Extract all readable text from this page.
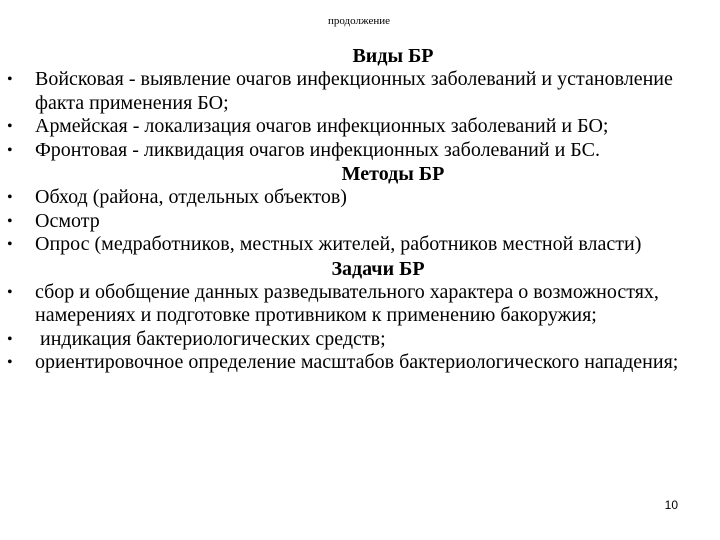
продолжение
Виды БР
• Войсковая - выявление очагов инфекционных заболеваний и установление факта применения БО;
• Армейская - локализация очагов инфекционных заболеваний и БО;
• Фронтовая - ликвидация очагов инфекционных заболеваний и БС.
Методы БР
• Обход (района, отдельных объектов)
• Осмотр
• Опрос (медработников, местных жителей, работников местной власти)
Задачи БР
• сбор и обобщение данных разведывательного характера о возможностях, намерениях и подготовке противником к применению бакоружия;
• индикация бактериологических средств;
• ориентировочное определение масштабов бактериологического нападения;
10
